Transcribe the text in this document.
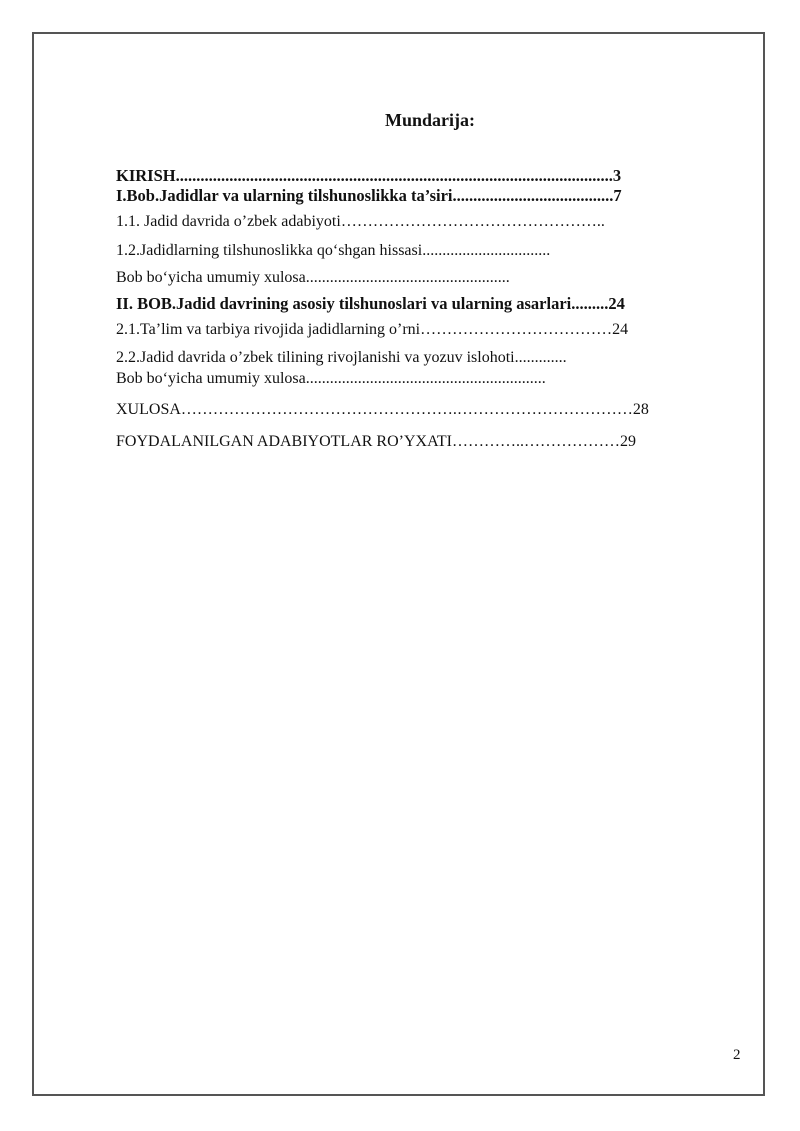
Mundarija:
KIRISH..........................................................................................................3
I.Bob.Jadidlar va ularning tilshunoslikka ta’siri.......................................7
1.1. Jadid davrida o’zbek adabiyoti…………………………………………..
1.2.Jadidlarning tilshunoslikka qo‘shgan hissasi................................
Bob bo‘yicha umumiy xulosa...................................................
II. BOB.Jadid davrining asosiy tilshunoslari va ularning asarlari.........24
2.1.Ta’lim va tarbiya rivojida jadidlarning o’rni………………………………24
2.2.Jadid davrida o’zbek tilining rivojlanishi va yozuv islohoti.............
Bob bo‘yicha umumiy xulosa............................................................
XULOSA…………………………………………….……………………………28
FOYDALANILGAN ADABIYOTLAR RO’YXATI…………..………………29
2
